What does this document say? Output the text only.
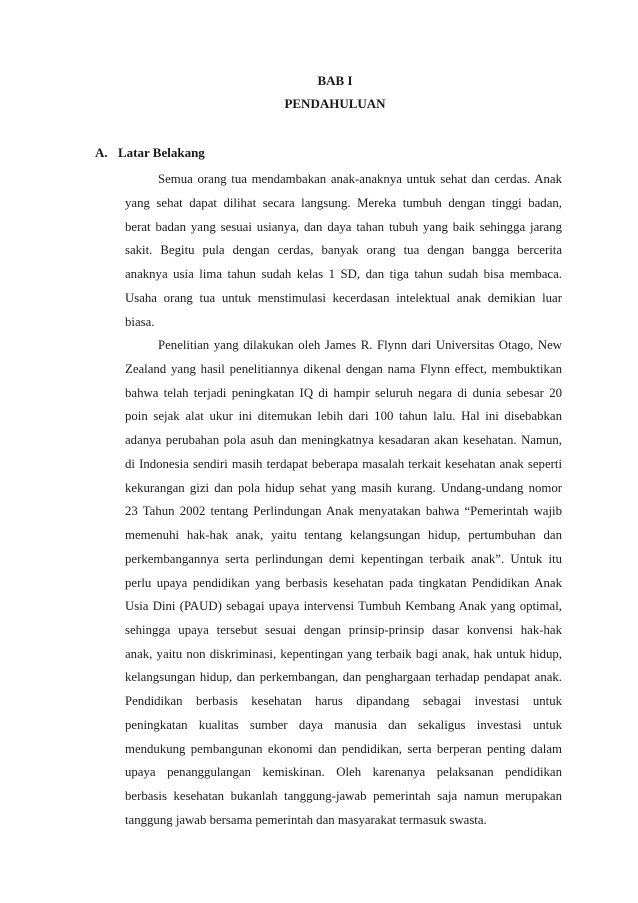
BAB I
PENDAHULUAN
A. Latar Belakang
Semua orang tua mendambakan anak-anaknya untuk sehat dan cerdas. Anak
yang sehat dapat dilihat secara langsung. Mereka tumbuh dengan tinggi badan,
berat badan yang sesuai usianya, dan daya tahan tubuh yang baik sehingga jarang
sakit. Begitu pula dengan cerdas, banyak orang tua dengan bangga bercerita
anaknya usia lima tahun sudah kelas 1 SD, dan tiga tahun sudah bisa membaca.
Usaha orang tua untuk menstimulasi kecerdasan intelektual anak demikian luar
biasa.
Penelitian yang dilakukan oleh James R. Flynn dari Universitas Otago, New
Zealand yang hasil penelitiannya dikenal dengan nama Flynn effect, membuktikan
bahwa telah terjadi peningkatan IQ di hampir seluruh negara di dunia sebesar 20
poin sejak alat ukur ini ditemukan lebih dari 100 tahun lalu. Hal ini disebabkan
adanya perubahan pola asuh dan meningkatnya kesadaran akan kesehatan. Namun,
di Indonesia sendiri masih terdapat beberapa masalah terkait kesehatan anak seperti
kekurangan gizi dan pola hidup sehat yang masih kurang. Undang-undang nomor
23 Tahun 2002 tentang Perlindungan Anak menyatakan bahwa “Pemerintah wajib
memenuhi hak-hak anak, yaitu tentang kelangsungan hidup, pertumbuhan dan
perkembangannya serta perlindungan demi kepentingan terbaik anak”. Untuk itu
perlu upaya pendidikan yang berbasis kesehatan pada tingkatan Pendidikan Anak
Usia Dini (PAUD) sebagai upaya intervensi Tumbuh Kembang Anak yang optimal,
sehingga upaya tersebut sesuai dengan prinsip-prinsip dasar konvensi hak-hak
anak, yaitu non diskriminasi, kepentingan yang terbaik bagi anak, hak untuk hidup,
kelangsungan hidup, dan perkembangan, dan penghargaan terhadap pendapat anak.
Pendidikan berbasis kesehatan harus dipandang sebagai investasi untuk
peningkatan kualitas sumber daya manusia dan sekaligus investasi untuk
mendukung pembangunan ekonomi dan pendidikan, serta berperan penting dalam
upaya penanggulangan kemiskinan. Oleh karenanya pelaksanan pendidikan
berbasis kesehatan bukanlah tanggung-jawab pemerintah saja namun merupakan
tanggung jawab bersama pemerintah dan masyarakat termasuk swasta.
